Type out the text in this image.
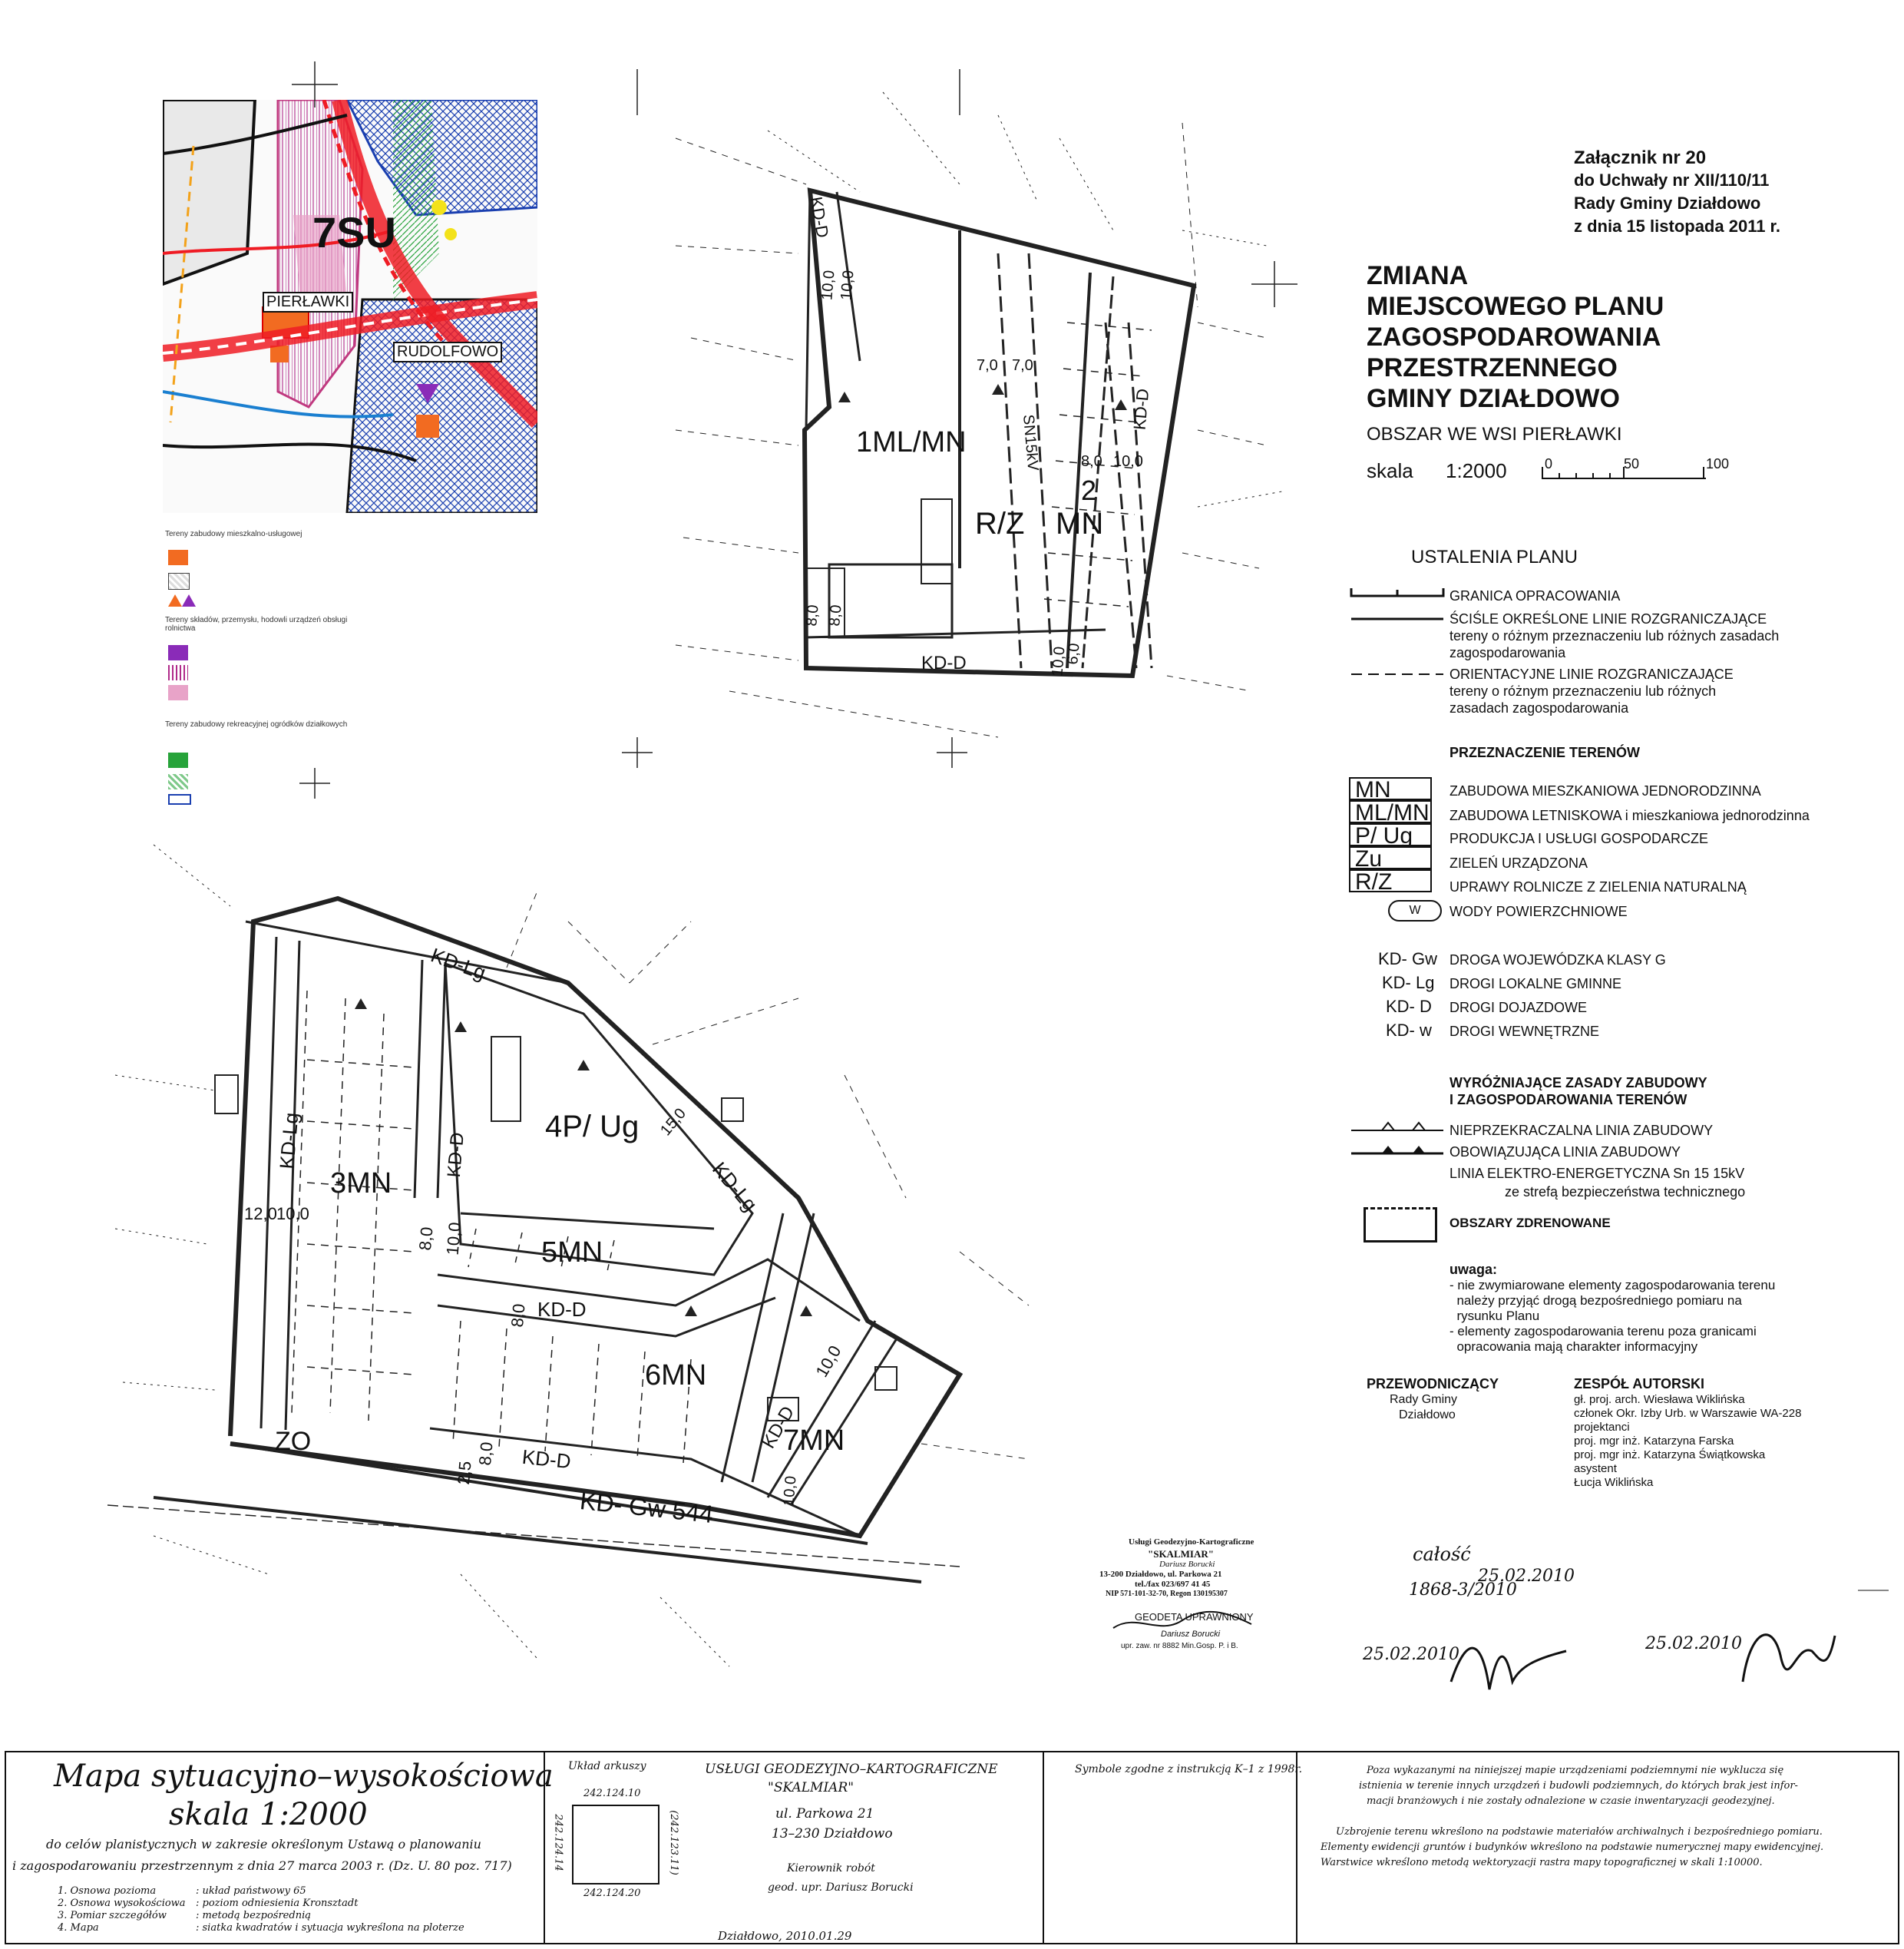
7SU
PIERŁAWKI
RUDOLFOWO
Tereny zabudowy mieszkalno-usługowej
Tereny składów, przemysłu, hodowli urządzeń obsługi rolnictwa
Tereny zabudowy rekreacyjnej ogródków działkowych
1ML/MN
R/Z
2
MN
3MN
4P/ Ug
5MN
6MN
7MN
ZO
KD-D
KD-D
KD-D
KD-Lg
KD-Lg	KD-D
KD-D
KD-D
KD- Gw 544
KD-Lg
KD-D
SN15kV
10,0 10,0
8,0 10,0
6,0
10,0
15,0
12,0 10,0
8,0 10,0
2,5
8,0
8,0
10,0
7,0 7,0
8,0 8,0
10,0
Załącznik nr 20
do Uchwały nr XII/110/11
Rady Gminy Działdowo
z dnia 15 listopada 2011 r.
ZMIANA
MIEJSCOWEGO PLANU
ZAGOSPODAROWANIA
PRZESTRZENNEGO
GMINY DZIAŁDOWO
OBSZAR WE WSI PIERŁAWKI
skala 1:2000	0	50	100
USTALENIA PLANU
GRANICA OPRACOWANIA
ŚCIŚLE OKREŚLONE LINIE ROZGRANICZAJĄCE
tereny o różnym przeznaczeniu lub różnych zasadach
zagospodarowania
ORIENTACYJNE LINIE ROZGRANICZAJĄCE
tereny o różnym przeznaczeniu lub różnych
zasadach zagospodarowania
PRZEZNACZENIE TERENÓW
MN	ZABUDOWA MIESZKANIOWA JEDNORODZINNA
ML/MN ZABUDOWA LETNISKOWA i mieszkaniowa jednorodzinna
P/ Ug	PRODUKCJA I USŁUGI GOSPODARCZE
Zu	ZIELEŃ URZĄDZONA
R/Z	UPRAWY ROLNICZE Z ZIELENIA NATURALNĄ
W	WODY POWIERZCHNIOWE
KD- Gw DROGA WOJEWÓDZKA KLASY G
KD- Lg DROGI LOKALNE GMINNE
KD- D DROGI DOJAZDOWE
KD- w DROGI WEWNĘTRZNE
WYRÓŻNIAJĄCE ZASADY ZABUDOWY
I ZAGOSPODAROWANIA TERENÓW
NIEPRZEKRACZALNA LINIA ZABUDOWY
OBOWIĄZUJĄCA LINIA ZABUDOWY
LINIA ELEKTRO-ENERGETYCZNA Sn 15 15kV
ze strefą bezpieczeństwa technicznego
OBSZARY ZDRENOWANE
uwaga:
- nie zwymiarowane elementy zagospodarowania terenu
należy przyjąć drogą bezpośredniego pomiaru na
rysunku Planu
- elementy zagospodarowania terenu poza granicami
opracowania mają charakter informacyjny
PRZEWODNICZĄCY
Rady Gminy
Działdowo
ZESPÓŁ AUTORSKI
gł. proj. arch. Wiesława Wiklińska
członek Okr. Izby Urb. w Warszawie WA-228
projektanci
proj. mgr inż. Katarzyna Farska
proj. mgr inż. Katarzyna Świątkowska
asystent
Łucja Wiklińska
Usługi Geodezyjno-Kartograficzne
"SKALMIAR"
Dariusz Borucki
13-200 Działdowo, ul. Parkowa 21
tel./fax 023/697 41 45
NIP 571-101-32-70, Regon 130195307
GEODETA UPRAWNIONY
Dariusz Borucki
upr. zaw. nr 8882 Min.Gosp. P. i B.
całość
25.02.2010
1868-3/2010
25.02.2010
25.02.2010
Mapa sytuacyjno–wysokościowa
skala 1:2000
do celów planistycznych w zakresie określonym Ustawą o planowaniu
i zagospodarowaniu przestrzennym z dnia 27 marca 2003 r. (Dz. U. 80 poz. 717)
1. Osnowa pozioma	: układ państwowy 65
2. Osnowa wysokościowa : poziom odniesienia Kronsztadt
3. Pomiar szczegółów	: metodą bezpośrednią
4. Mapa	: siatka kwadratów i sytuacja wykreślona na ploterze
Układ arkuszy
242.124.10
242.124.20
242.124.14	(242.123.11)
USŁUGI GEODEZYJNO–KARTOGRAFICZNE
"SKALMIAR"
ul. Parkowa 21
13–230 Działdowo
Kierownik robót
geod. upr. Dariusz Borucki
Działdowo, 2010.01.29
Symbole zgodne z instrukcją K–1 z 1998r.	Poza wykazanymi na niniejszej mapie urządzeniami podziemnymi nie wyklucza się
istnienia w terenie innych urządzeń i budowli podziemnych, do których brak jest infor-
macji branżowych i nie zostały odnalezione w czasie inwentaryzacji geodezyjnej.
Uzbrojenie terenu wkreślono na podstawie materiałów archiwalnych i bezpośredniego pomiaru.
Elementy ewidencji gruntów i budynków wkreślono na podstawie numerycznej mapy ewidencyjnej.
Warstwice wkreślono metodą wektoryzacji rastra mapy topograficznej w skali 1:10000.
